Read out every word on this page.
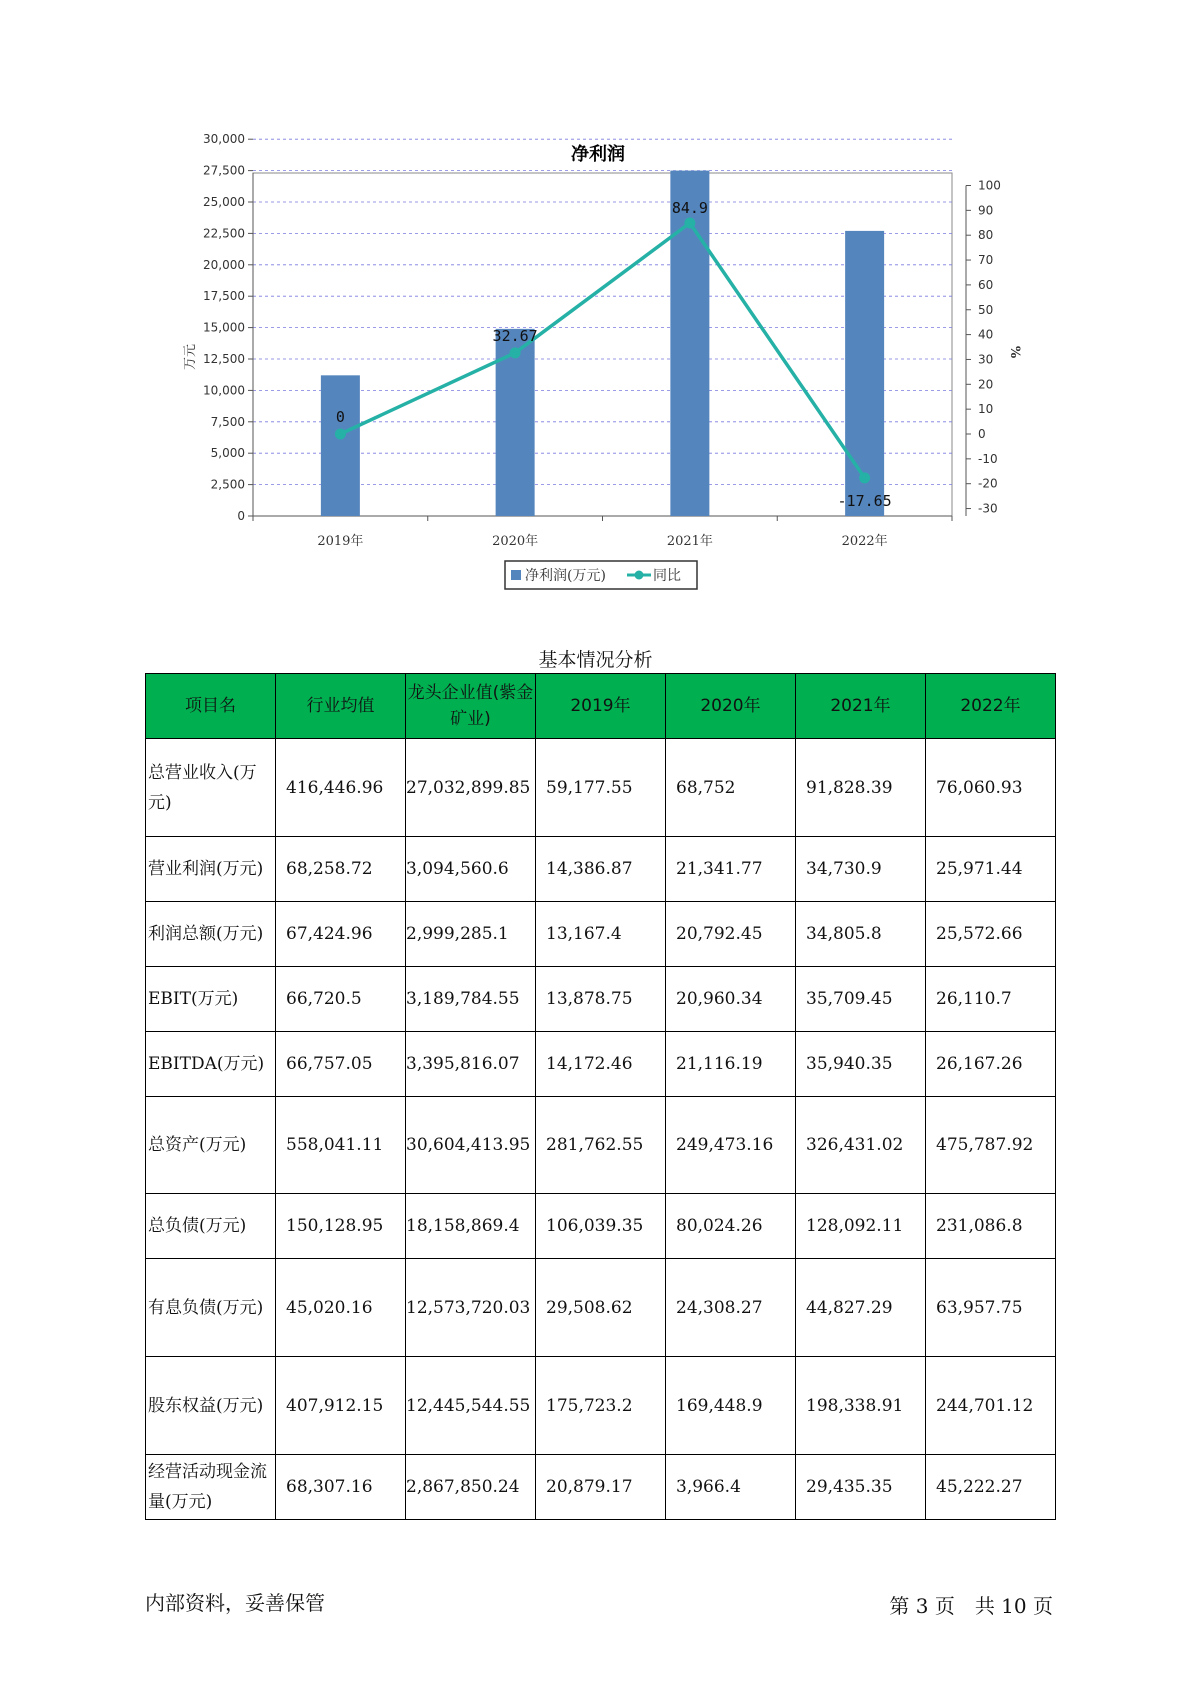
净利润
0
2,500
5,000
7,500
10,000
12,500
15,000
17,500
20,000
22,500
25,000
27,500
30,000
-30
-20
-10
0
10
20
30
40
50
60
70
80
90
100
万元	%
2019年	2020年	2021年	2022年
0
32.67
84.9
-17.65
净利润(万元)	同比
基本情况分析
项目名	行业均值	龙头企业值(紫金矿业)	2019年	2020年	2021年	2022年
总营业收入(万元)	416,446.96	27,032,899.85	59,177.55	68,752	91,828.39	76,060.93
营业利润(万元)	68,258.72	3,094,560.6	14,386.87	21,341.77	34,730.9	25,971.44
利润总额(万元)	67,424.96	2,999,285.1	13,167.4	20,792.45	34,805.8	25,572.66
EBIT(万元)	66,720.5	3,189,784.55	13,878.75	20,960.34	35,709.45	26,110.7
EBITDA(万元)	66,757.05	3,395,816.07	14,172.46	21,116.19	35,940.35	26,167.26
总资产(万元)	558,041.11	30,604,413.95	281,762.55	249,473.16	326,431.02	475,787.92
总负债(万元)	150,128.95	18,158,869.4	106,039.35	80,024.26	128,092.11	231,086.8
有息负债(万元)	45,020.16	12,573,720.03	29,508.62	24,308.27	44,827.29	63,957.75
股东权益(万元)	407,912.15	12,445,544.55	175,723.2	169,448.9	198,338.91	244,701.12
经营活动现金流量(万元)	68,307.16	2,867,850.24	20,879.17	3,966.4	29,435.35	45,222.27
内部资料，妥善保管	第 3 页　共 10 页
